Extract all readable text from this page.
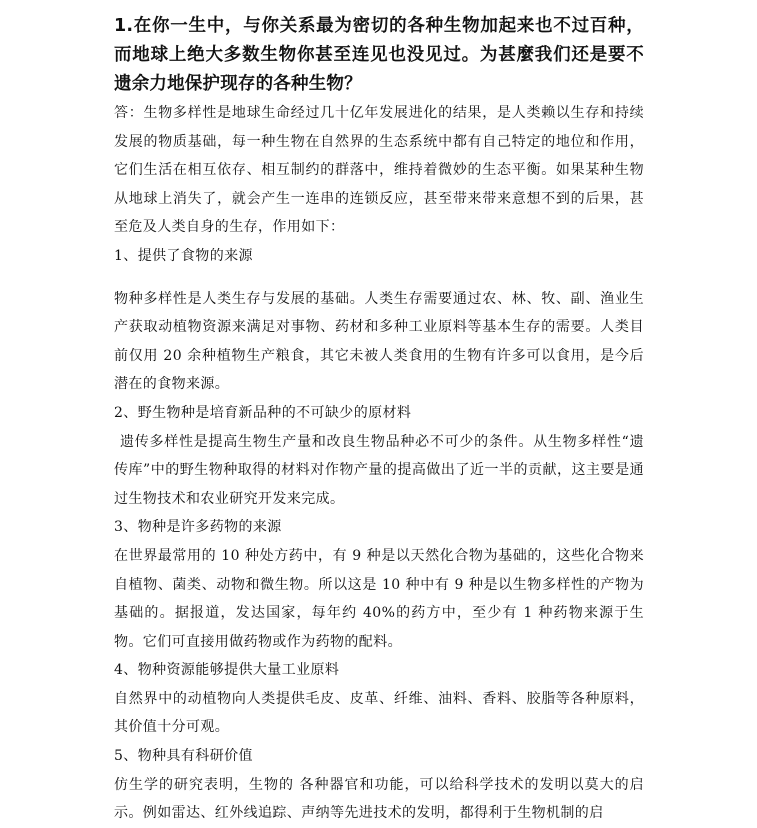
1.在你一生中，与你关系最为密切的各种生物加起来也不过百种，而地球上绝大多数生物你甚至连见也没见过。为甚麼我们还是要不遗余力地保护现存的各种生物？

答：生物多样性是地球生命经过几十亿年发展进化的结果，是人类赖以生存和持续发展的物质基础，每一种生物在自然界的生态系统中都有自己特定的地位和作用，它们生活在相互依存、相互制约的群落中，维持着微妙的生态平衡。如果某种生物从地球上消失了，就会产生一连串的连锁反应，甚至带来带来意想不到的后果，甚至危及人类自身的生存，作用如下：

1、提供了食物的来源

物种多样性是人类生存与发展的基础。人类生存需要通过农、林、牧、副、渔业生产获取动植物资源来满足对事物、药材和多种工业原料等基本生存的需要。人类目前仅用 20 余种植物生产粮食，其它未被人类食用的生物有许多可以食用，是今后潜在的食物来源。

2、野生物种是培育新品种的不可缺少的原材料

遗传多样性是提高生物生产量和改良生物品种必不可少的条件。从生物多样性“遗传库”中的野生物种取得的材料对作物产量的提高做出了近一半的贡献，这主要是通过生物技术和农业研究开发来完成。

3、物种是许多药物的来源

在世界最常用的 10 种处方药中，有 9 种是以天然化合物为基础的，这些化合物来自植物、菌类、动物和微生物。所以这是 10 种中有 9 种是以生物多样性的产物为基础的。据报道，发达国家，每年约 40%的药方中，至少有 1 种药物来源于生物。它们可直接用做药物或作为药物的配料。

4、物种资源能够提供大量工业原料

自然界中的动植物向人类提供毛皮、皮革、纤维、油料、香料、胶脂等各种原料，其价值十分可观。

5、物种具有科研价值

仿生学的研究表明，生物的 各种器官和功能，可以给科学技术的发明以莫大的启示。例如雷达、红外线追踪、声纳等先进技术的发明，都得利于生物机制的启
